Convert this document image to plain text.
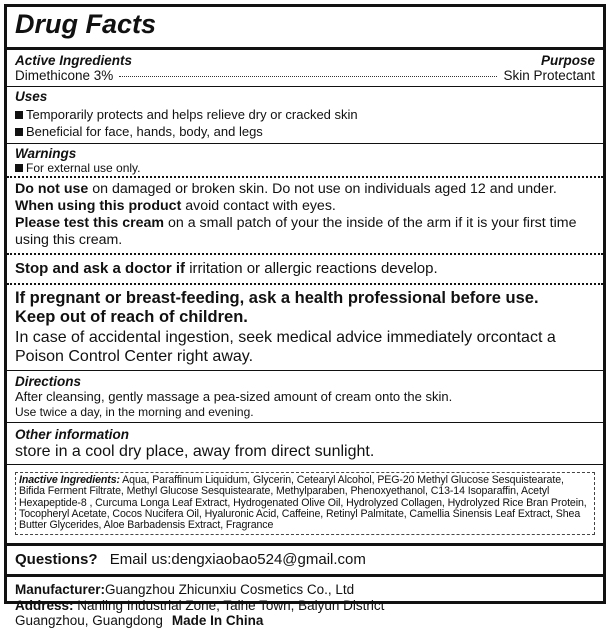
Drug Facts
Active Ingredients	Purpose
Dimethicone 3%	Skin Protectant
Uses
Temporarily protects and helps relieve dry or cracked skin
Beneficial for face, hands, body, and legs
Warnings
For external use only.
Do not use on damaged or broken skin. Do not use on individuals aged 12 and under.
When using this product avoid contact with eyes.
Please test this cream on a small patch of your the inside of the arm if it is your first time using this cream.
Stop and ask a doctor if irritation or allergic reactions develop.
If pregnant or breast-feeding, ask a health professional before use.
Keep out of reach of children.
In case of accidental ingestion, seek medical advice immediately orcontact a Poison Control Center right away.
Directions
After cleansing, gently massage a pea-sized amount of cream onto the skin.
Use twice a day, in the morning and evening.
Other information
store in a cool dry place, away from direct sunlight.
Inactive Ingredients: Aqua, Paraffinum Liquidum, Glycerin, Cetearyl Alcohol, PEG-20 Methyl Glucose Sesquistearate, Bifida Ferment Filtrate, Methyl Glucose Sesquistearate, Methylparaben, Phenoxyethanol, C13-14 Isoparaffin, Acetyl Hexapeptide-8 , Curcuma Longa Leaf Extract, Hydrogenated Olive Oil, Hydrolyzed Collagen, Hydrolyzed Rice Bran Protein, Tocopheryl Acetate, Cocos Nucifera Oil, Hyaluronic Acid, Caffeine, Retinyl Palmitate, Camellia Sinensis Leaf Extract, Shea Butter Glycerides, Aloe Barbadensis Extract, Fragrance
Questions? Email us:dengxiaobao524@gmail.com
Manufacturer:Guangzhou Zhicunxiu Cosmetics Co., Ltd
Address: Nanling Industrial Zone, Taihe Town, Baiyun District
Guangzhou, Guangdong Made In China
